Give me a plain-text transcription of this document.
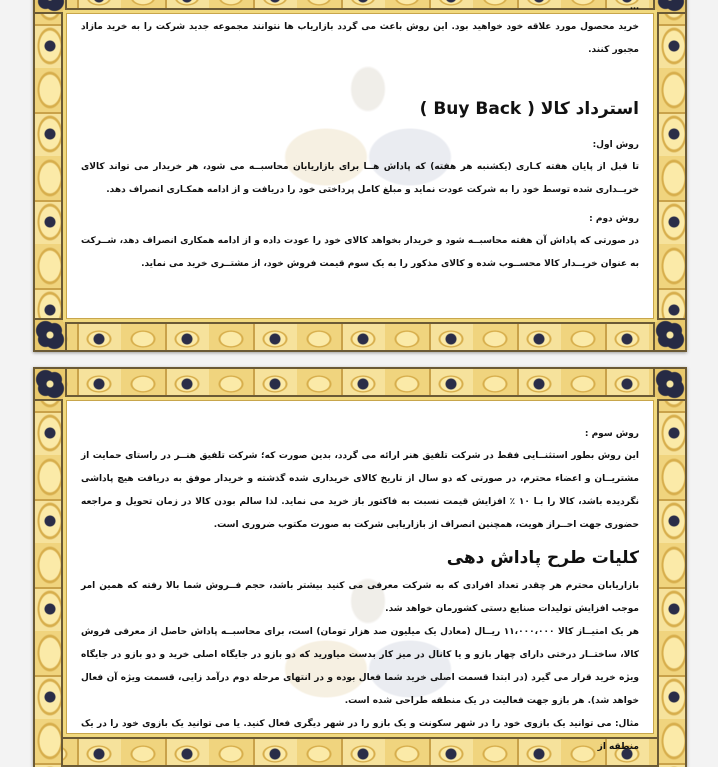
…

خرید محصول مورد علاقه خود خواهید بود. این روش باعث می گردد بازاریاب ها نتوانند مجموعه جدید شرکت را به خرید مازاد مجبور کنند.

استرداد کالا ( Buy Back )

روش اول:

تا قبل از پایان هفته کـاری (یکشنبه هر هفته) که پاداش هــا برای بازاریابان محاسبــه می شود، هر خریدار می تواند کالای خریــداری شده توسط خود را به شرکت عودت نماید و مبلغ کامل پرداختی خود را دریافت و از ادامه همکـاری انصراف دهد.

روش دوم :

در صورتی که پاداش آن هفته محاسبــه شود و خریدار بخواهد کالای خود را عودت داده و از ادامه همکاری انصراف دهد، شــرکت به عنوان خریــدار کالا محســوب شده و کالای مذکور را به یک سوم قیمت فروش خود، از مشتــری خرید می نماید.

روش سوم :

این روش بطور استثنــایی فقط در شرکت تلفیق هنر ارائه می گردد، بدین صورت که؛ شرکت تلفیق هنــر در راستای حمایت از مشتریــان و اعضاء محترم، در صورتی که دو سال از تاریخ کالای خریداری شده گذشته و خریدار موفق به دریافت هیچ پاداشی نگردیده باشد، کالا را بـا ۱۰ ٪ افزایش قیمت نسبت به فاکتور باز خرید می نماید. لذا سالم بودن کالا در زمان تحویل و مراجعه حضوری جهت احــراز هویت، همچنین انصراف از بازاریابی شرکت به صورت مکتوب ضروری است.

کلیات طرح پاداش دهی

بازاریابان محترم هر چقدر تعداد افرادی که به شرکت معرفی می کنید بیشتر باشد، حجم فــروش شما بالا رفته که همین امر موجب افزایش تولیدات صنایع دستی کشورمان خواهد شد.

هر یک امتیــاز کالا ۱۱،۰۰۰،۰۰۰ ریــال (معادل یک میلیون صد هزار تومان) است، برای محاسبــه پاداش حاصل از معرفی فروش کالا، ساختــار درختی دارای چهار بازو و یا کانال در میز کار بدست میاورید که دو بازو در جایگاه اصلی خرید و دو بازو در جایگاه ویژه خرید قرار می گیرد (در ابتدا قسمت اصلی خرید شما فعال بوده و در انتهای مرحله دوم درآمد زایی، قسمت ویژه آن فعال خواهد شد). هر بازو جهت فعالیت در یک منطقه طراحی شده است.

مثال: می توانید یک بازوی خود را در شهر سکونت و یک بازو را در شهر دیگری فعال کنید. یا می توانید یک بازوی خود را در یک منطقه از
